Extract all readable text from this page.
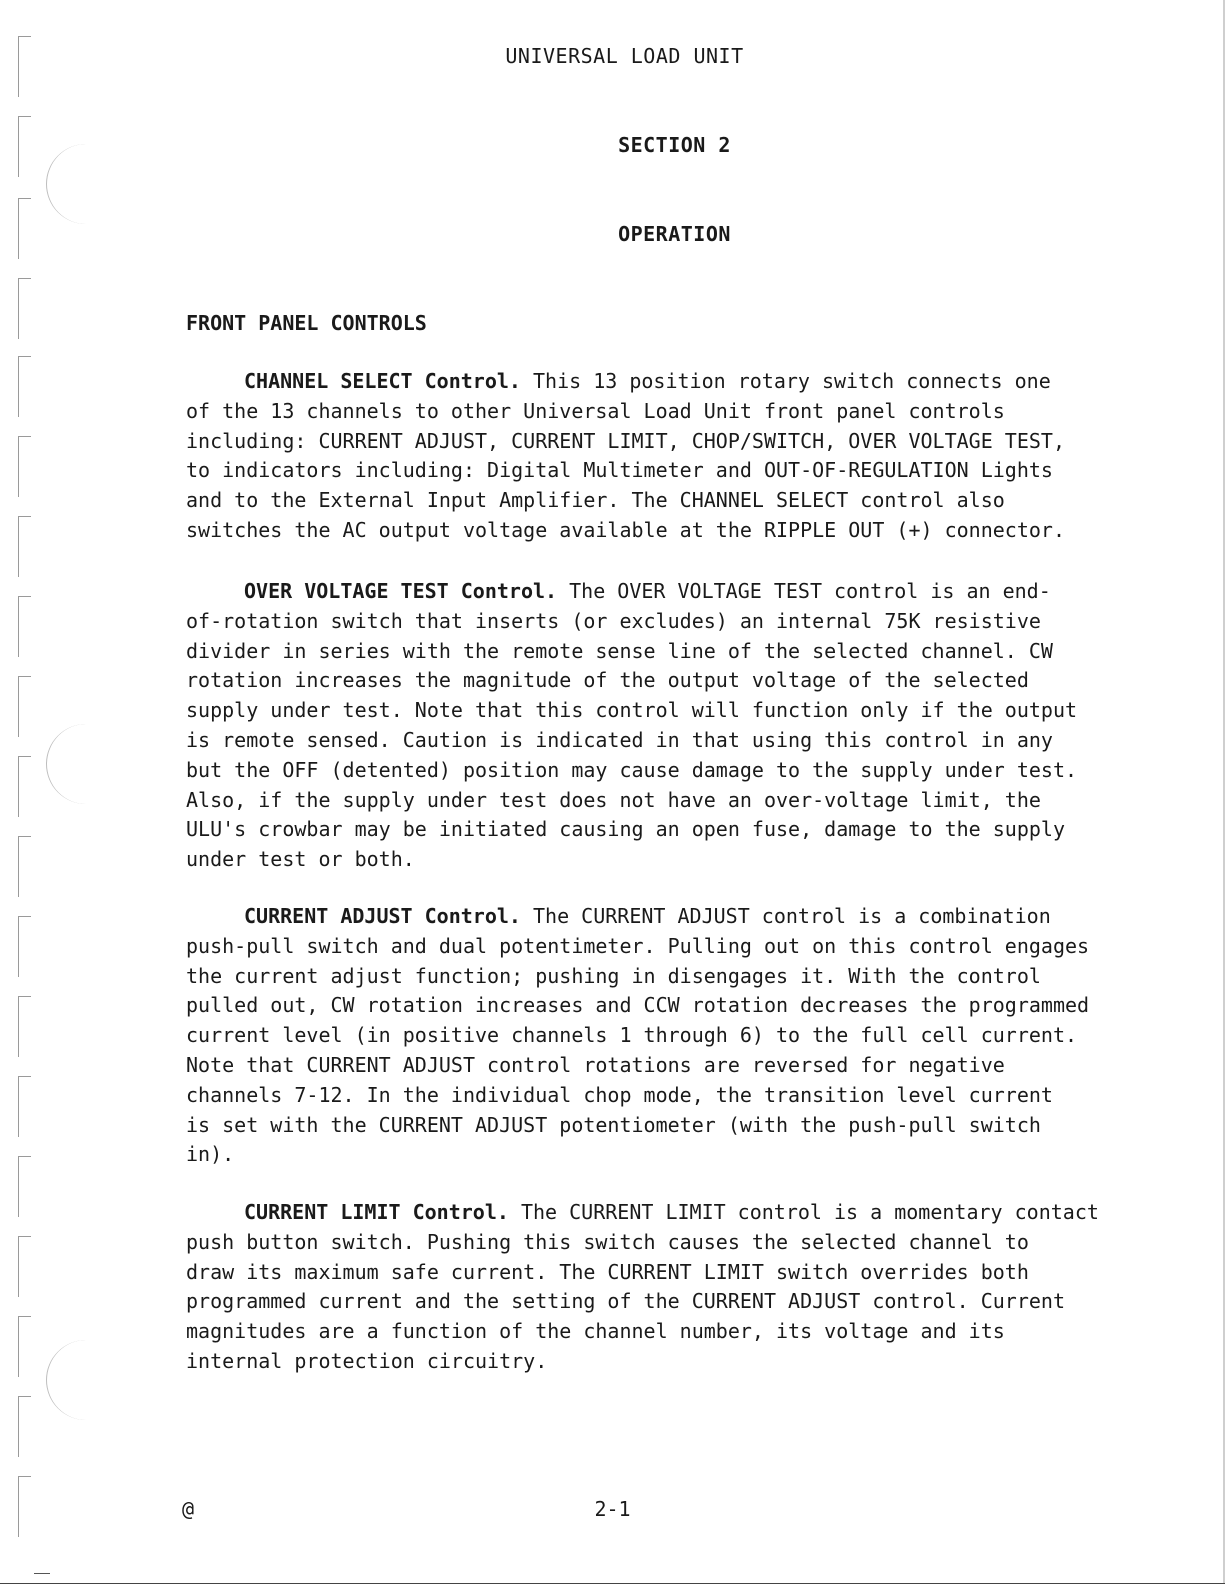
UNIVERSAL LOAD UNIT
SECTION 2
OPERATION
FRONT PANEL CONTROLS
CHANNEL SELECT Control. This 13 position rotary switch connects one
of the 13 channels to other Universal Load Unit front panel controls
including: CURRENT ADJUST, CURRENT LIMIT, CHOP/SWITCH, OVER VOLTAGE TEST,
to indicators including: Digital Multimeter and OUT-OF-REGULATION Lights
and to the External Input Amplifier. The CHANNEL SELECT control also
switches the AC output voltage available at the RIPPLE OUT (+) connector.
OVER VOLTAGE TEST Control. The OVER VOLTAGE TEST control is an end-
of-rotation switch that inserts (or excludes) an internal 75K resistive
divider in series with the remote sense line of the selected channel. CW
rotation increases the magnitude of the output voltage of the selected
supply under test. Note that this control will function only if the output
is remote sensed. Caution is indicated in that using this control in any
but the OFF (detented) position may cause damage to the supply under test.
Also, if the supply under test does not have an over-voltage limit, the
ULU's crowbar may be initiated causing an open fuse, damage to the supply
under test or both.
CURRENT ADJUST Control. The CURRENT ADJUST control is a combination
push-pull switch and dual potentimeter. Pulling out on this control engages
the current adjust function; pushing in disengages it. With the control
pulled out, CW rotation increases and CCW rotation decreases the programmed
current level (in positive channels 1 through 6) to the full cell current.
Note that CURRENT ADJUST control rotations are reversed for negative
channels 7-12. In the individual chop mode, the transition level current
is set with the CURRENT ADJUST potentiometer (with the push-pull switch
in).
CURRENT LIMIT Control. The CURRENT LIMIT control is a momentary contact
push button switch. Pushing this switch causes the selected channel to
draw its maximum safe current. The CURRENT LIMIT switch overrides both
programmed current and the setting of the CURRENT ADJUST control. Current
magnitudes are a function of the channel number, its voltage and its
internal protection circuitry.
@	2-1
